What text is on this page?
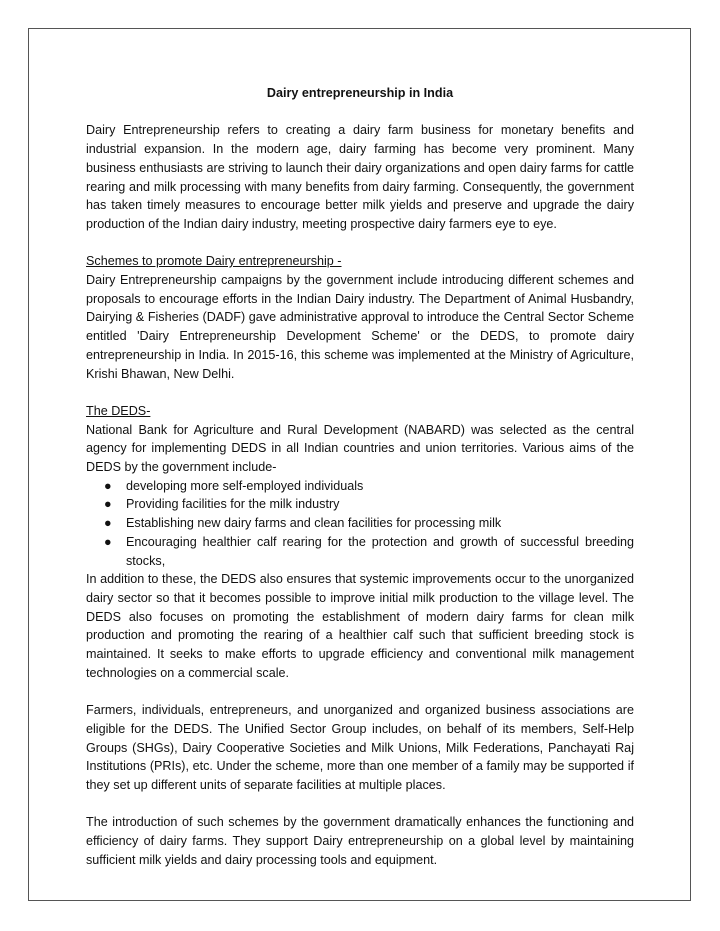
Dairy entrepreneurship in India

Dairy Entrepreneurship refers to creating a dairy farm business for monetary benefits and industrial expansion. In the modern age, dairy farming has become very prominent. Many business enthusiasts are striving to launch their dairy organizations and open dairy farms for cattle rearing and milk processing with many benefits from dairy farming. Consequently, the government has taken timely measures to encourage better milk yields and preserve and upgrade the dairy production of the Indian dairy industry, meeting prospective dairy farmers eye to eye.

Schemes to promote Dairy entrepreneurship -

Dairy Entrepreneurship campaigns by the government include introducing different schemes and proposals to encourage efforts in the Indian Dairy industry. The Department of Animal Husbandry, Dairying & Fisheries (DADF) gave administrative approval to introduce the Central Sector Scheme entitled 'Dairy Entrepreneurship Development Scheme' or the DEDS, to promote dairy entrepreneurship in India. In 2015-16, this scheme was implemented at the Ministry of Agriculture, Krishi Bhawan, New Delhi.

The DEDS-

National Bank for Agriculture and Rural Development (NABARD) was selected as the central agency for implementing DEDS in all Indian countries and union territories. Various aims of the DEDS by the government include-

● developing more self-employed individuals
● Providing facilities for the milk industry
● Establishing new dairy farms and clean facilities for processing milk
● Encouraging healthier calf rearing for the protection and growth of successful breeding stocks,

In addition to these, the DEDS also ensures that systemic improvements occur to the unorganized dairy sector so that it becomes possible to improve initial milk production to the village level. The DEDS also focuses on promoting the establishment of modern dairy farms for clean milk production and promoting the rearing of a healthier calf such that sufficient breeding stock is maintained. It seeks to make efforts to upgrade efficiency and conventional milk management technologies on a commercial scale.

Farmers, individuals, entrepreneurs, and unorganized and organized business associations are eligible for the DEDS. The Unified Sector Group includes, on behalf of its members, Self-Help Groups (SHGs), Dairy Cooperative Societies and Milk Unions, Milk Federations, Panchayati Raj Institutions (PRIs), etc. Under the scheme, more than one member of a family may be supported if they set up different units of separate facilities at multiple places.

The introduction of such schemes by the government dramatically enhances the functioning and efficiency of dairy farms. They support Dairy entrepreneurship on a global level by maintaining sufficient milk yields and dairy processing tools and equipment.
